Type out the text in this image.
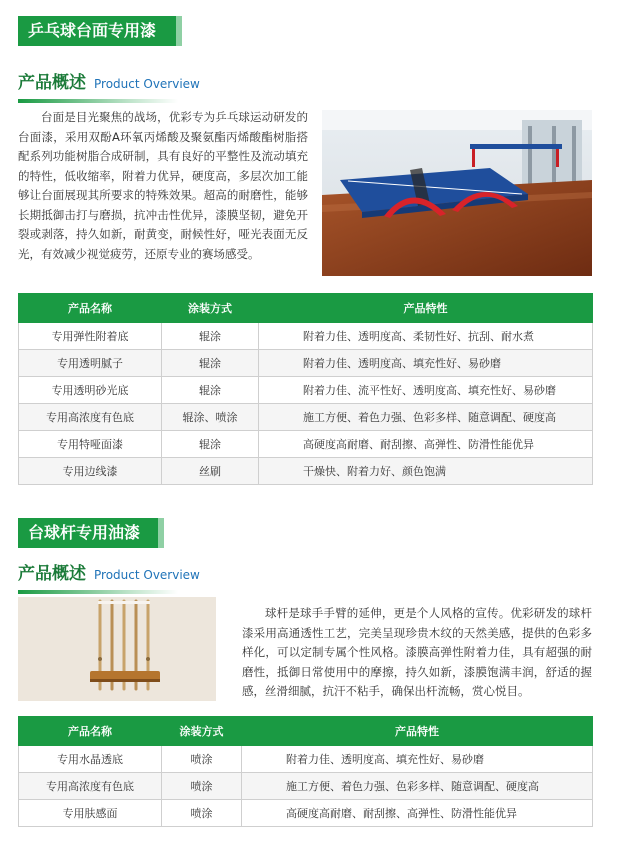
乒乓球台面专用漆
产品概述 Product Overview

台面是目光聚焦的战场，优彩专为乒乓球运动研发的台面漆，采用双酚A环氧丙烯酸及聚氨酯丙烯酸酯树脂搭配系列功能树脂合成研制，具有良好的平整性及流动填充的特性，低收缩率，附着力优异，硬度高，多层次加工能够让台面展现其所要求的特殊效果。超高的耐磨性，能够长期抵御击打与磨损，抗冲击性优异，漆膜坚韧，避免开裂或剥落，持久如新，耐黄变，耐候性好，哑光表面无反光，有效减少视觉疲劳，还原专业的赛场感受。

产品名称	涂装方式	产品特性
专用弹性附着底	辊涂	附着力佳、透明度高、柔韧性好、抗刮、耐水煮
专用透明腻子	辊涂	附着力佳、透明度高、填充性好、易砂磨
专用透明砂光底	辊涂	附着力佳、流平性好、透明度高、填充性好、易砂磨
专用高浓度有色底	辊涂、喷涂	施工方便、着色力强、色彩多样、随意调配、硬度高
专用特哑面漆	辊涂	高硬度高耐磨、耐刮擦、高弹性、防滑性能优异
专用边线漆	丝刷	干燥快、附着力好、颜色饱满
台球杆专用油漆
产品概述 Product Overview

球杆是球手手臂的延伸，更是个人风格的宣传。优彩研发的球杆漆采用高通透性工艺，完美呈现珍贵木纹的天然美感，提供的色彩多样化，可以定制专属个性风格。漆膜高弹性附着力佳，具有超强的耐磨性，抵御日常使用中的摩擦，持久如新，漆膜饱满丰润，舒适的握感，丝滑细腻，抗汗不粘手，确保出杆流畅，赏心悦目。

产品名称	涂装方式	产品特性
专用水晶透底	喷涂	附着力佳、透明度高、填充性好、易砂磨
专用高浓度有色底	喷涂	施工方便、着色力强、色彩多样、随意调配、硬度高
专用肤感面	喷涂	高硬度高耐磨、耐刮擦、高弹性、防滑性能优异
